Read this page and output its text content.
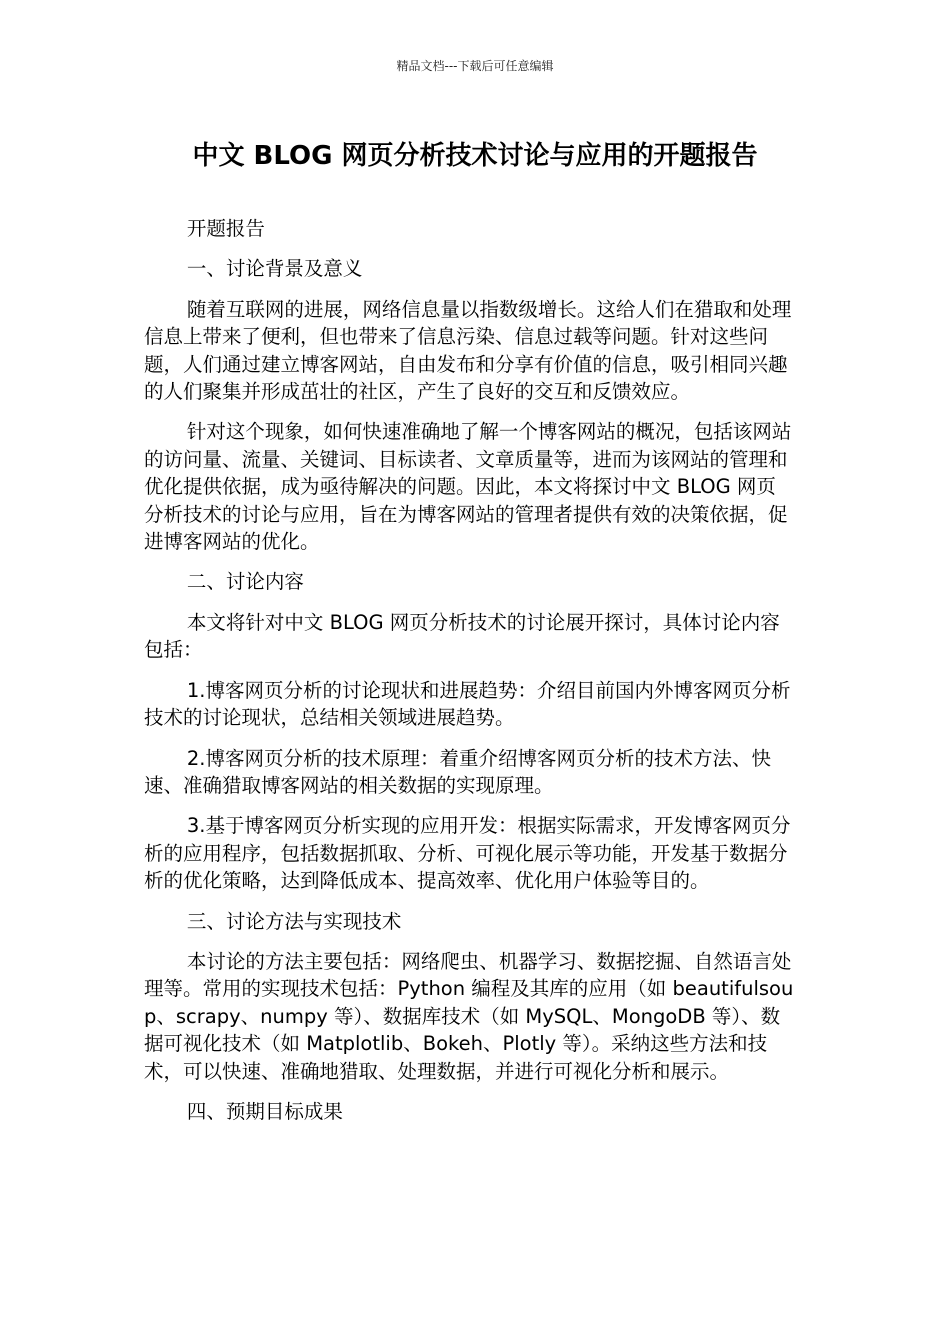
精品文档---下载后可任意编辑
中文 BLOG 网页分析技术讨论与应用的开题报告

开题报告

一、讨论背景及意义

随着互联网的进展，网络信息量以指数级增长。这给人们在猎取和处理信息上带来了便利，但也带来了信息污染、信息过载等问题。针对这些问题，人们通过建立博客网站，自由发布和分享有价值的信息，吸引相同兴趣的人们聚集并形成茁壮的社区，产生了良好的交互和反馈效应。

针对这个现象，如何快速准确地了解一个博客网站的概况，包括该网站的访问量、流量、关键词、目标读者、文章质量等，进而为该网站的管理和优化提供依据，成为亟待解决的问题。因此，本文将探讨中文 BLOG 网页分析技术的讨论与应用，旨在为博客网站的管理者提供有效的决策依据，促进博客网站的优化。

二、讨论内容

本文将针对中文 BLOG 网页分析技术的讨论展开探讨，具体讨论内容包括：

1.博客网页分析的讨论现状和进展趋势：介绍目前国内外博客网页分析技术的讨论现状，总结相关领域进展趋势。

2.博客网页分析的技术原理：着重介绍博客网页分析的技术方法、快速、准确猎取博客网站的相关数据的实现原理。

3.基于博客网页分析实现的应用开发：根据实际需求，开发博客网页分析的应用程序，包括数据抓取、分析、可视化展示等功能，开发基于数据分析的优化策略，达到降低成本、提高效率、优化用户体验等目的。

三、讨论方法与实现技术

本讨论的方法主要包括：网络爬虫、机器学习、数据挖掘、自然语言处理等。常用的实现技术包括：Python 编程及其库的应用（如 beautifulsoup、scrapy、numpy 等）、数据库技术（如 MySQL、MongoDB 等）、数据可视化技术（如 Matplotlib、Bokeh、Plotly 等）。采纳这些方法和技术，可以快速、准确地猎取、处理数据，并进行可视化分析和展示。

四、预期目标成果
